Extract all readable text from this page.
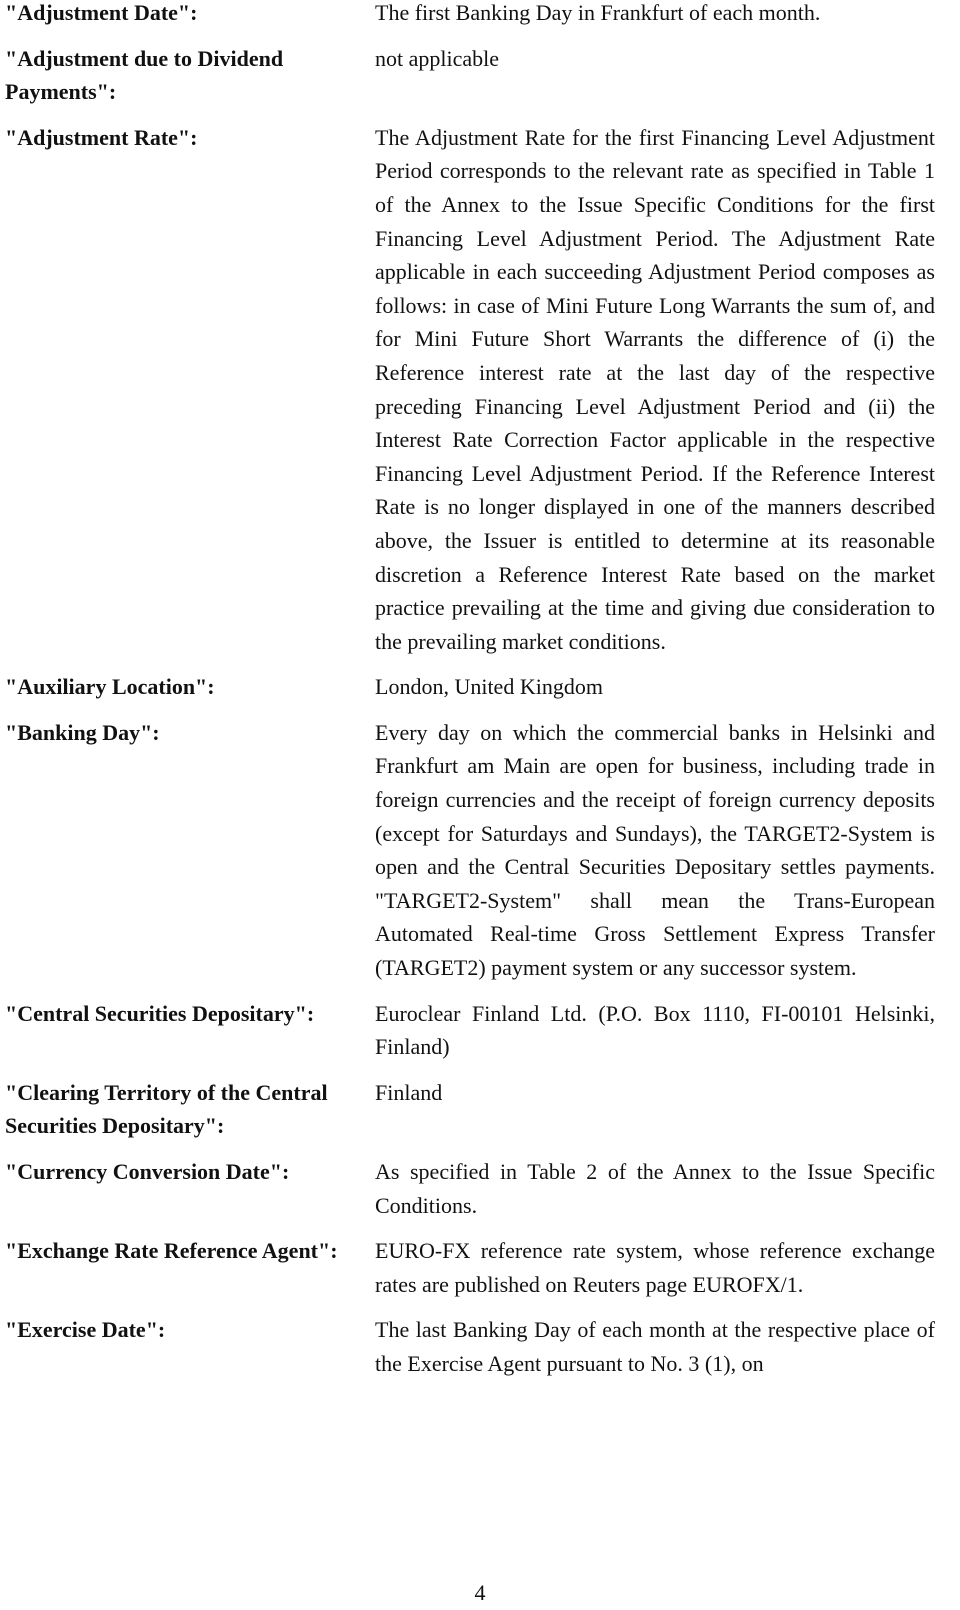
"Adjustment Date":	The first Banking Day in Frankfurt of each month.
"Adjustment due to Dividend Payments":
not applicable
"Adjustment Rate":	The Adjustment Rate for the first Financing Level Adjustment Period corresponds to the relevant rate as specified in Table 1 of the Annex to the Issue Specific Conditions for the first Financing Level Adjustment Period. The Adjustment Rate applicable in each succeeding Adjustment Period composes as follows: in case of Mini Future Long Warrants the sum of, and for Mini Future Short Warrants the difference of (i) the Reference interest rate at the last day of the respective preceding Financing Level Adjustment Period and (ii) the Interest Rate Correction Factor applicable in the respective Financing Level Adjustment Period. If the Reference Interest Rate is no longer displayed in one of the manners described above, the Issuer is entitled to determine at its reasonable discretion a Reference Interest Rate based on the market practice prevailing at the time and giving due consideration to the prevailing market conditions.
"Auxiliary Location":	London, United Kingdom
"Banking Day":	Every day on which the commercial banks in Helsinki and Frankfurt am Main are open for business, including trade in foreign currencies and the receipt of foreign currency deposits (except for Saturdays and Sundays), the TARGET2-System is open and the Central Securities Depositary settles payments. "TARGET2-System" shall mean the Trans-European Automated Real-time Gross Settlement Express Transfer (TARGET2) payment system or any successor system.
"Central Securities Depositary":	Euroclear Finland Ltd. (P.O. Box 1110, FI-00101 Helsinki, Finland)
"Clearing Territory of the Central Securities Depositary":
Finland
"Currency Conversion Date":	As specified in Table 2 of the Annex to the Issue Specific Conditions.
"Exchange Rate Reference Agent":	EURO-FX reference rate system, whose reference exchange rates are published on Reuters page EUROFX/1.
"Exercise Date":	The last Banking Day of each month at the respective place of the Exercise Agent pursuant to No. 3 (1), on
4
